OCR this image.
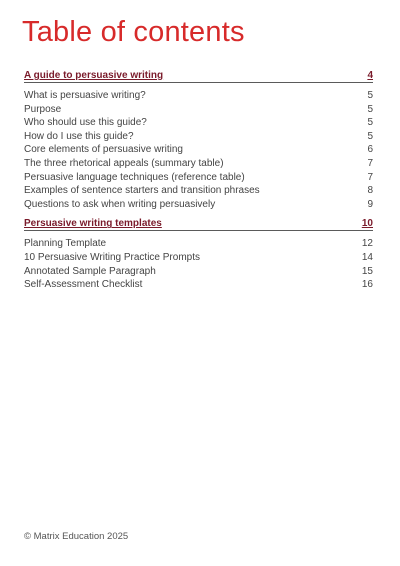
Table of contents
A guide to persuasive writing	4
What is persuasive writing?	5
Purpose	5
Who should use this guide?	5
How do I use this guide?	5
Core elements of persuasive writing	6
The three rhetorical appeals (summary table)	7
Persuasive language techniques (reference table)	7
Examples of sentence starters and transition phrases	8
Questions to ask when writing persuasively	9
Persuasive writing templates	10
Planning Template	12
10 Persuasive Writing Practice Prompts	14
Annotated Sample Paragraph	15
Self-Assessment Checklist	16
© Matrix Education 2025
